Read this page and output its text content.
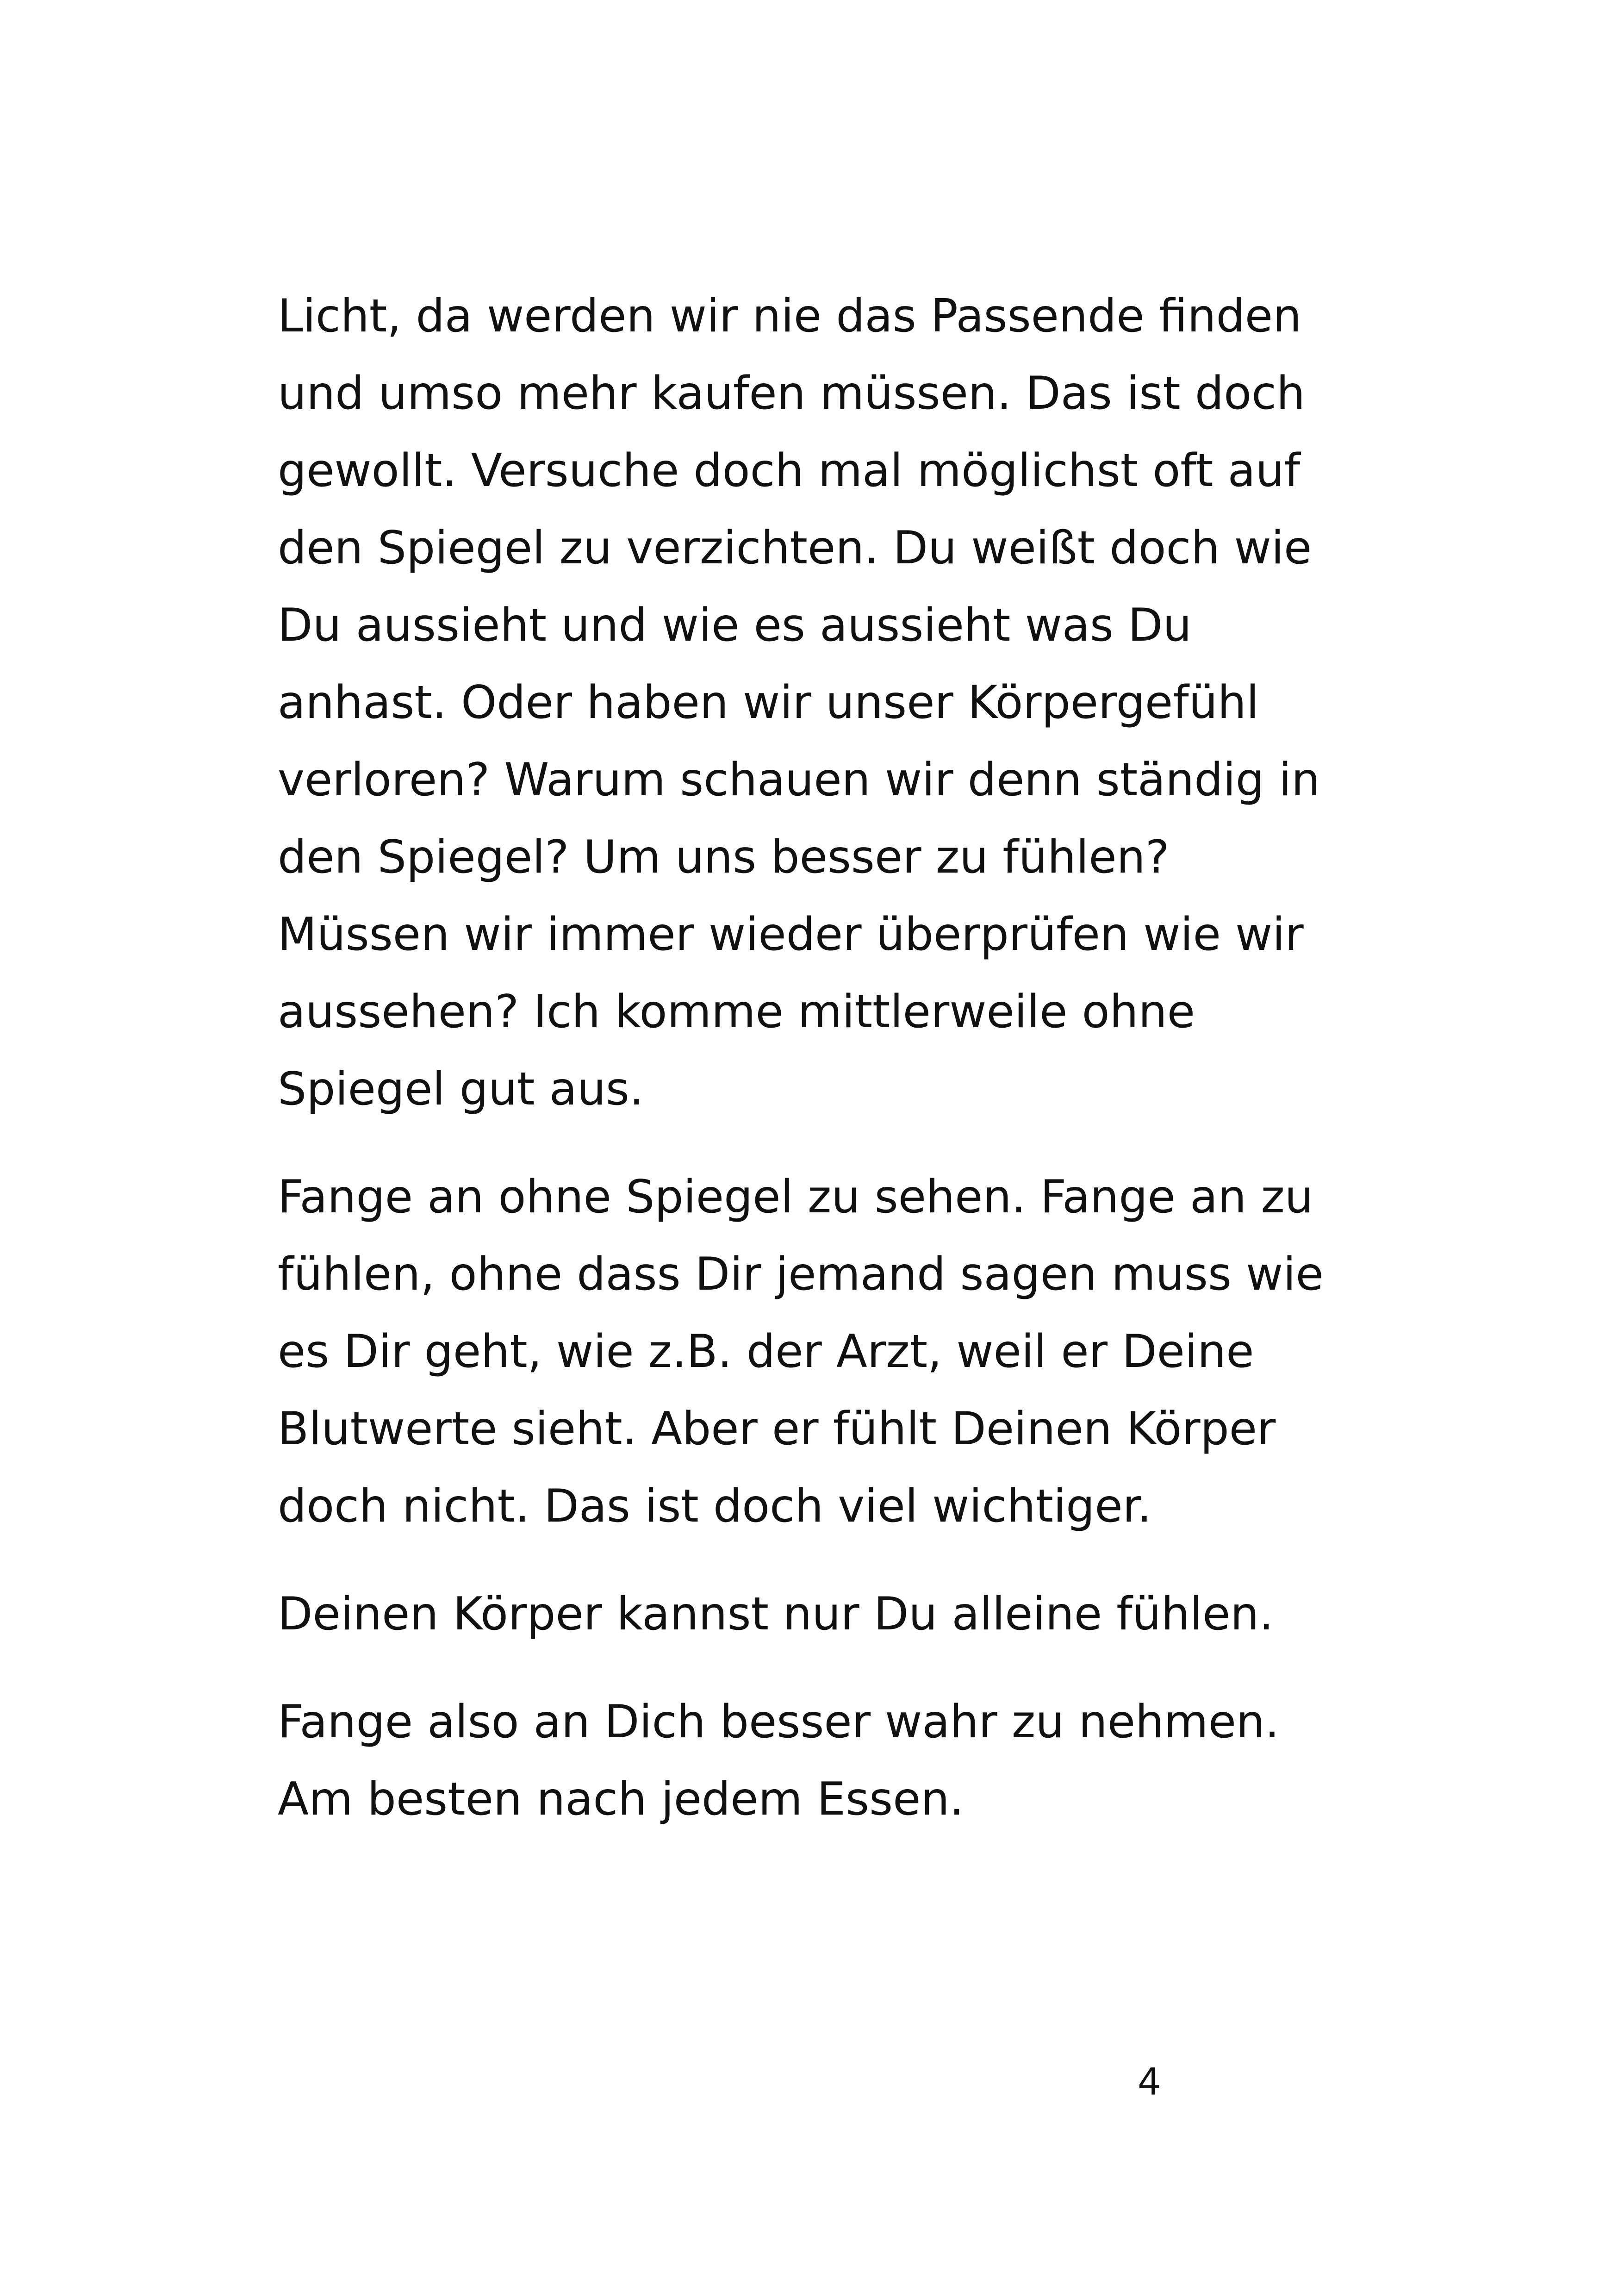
Licht, da werden wir nie das Passende finden
und umso mehr kaufen müssen. Das ist doch
gewollt. Versuche doch mal möglichst oft auf
den Spiegel zu verzichten. Du weißt doch wie
Du aussieht und wie es aussieht was Du
anhast. Oder haben wir unser Körpergefühl
verloren? Warum schauen wir denn ständig in
den Spiegel? Um uns besser zu fühlen?
Müssen wir immer wieder überprüfen wie wir
aussehen? Ich komme mittlerweile ohne
Spiegel gut aus.
Fange an ohne Spiegel zu sehen. Fange an zu
fühlen, ohne dass Dir jemand sagen muss wie
es Dir geht, wie z.B. der Arzt, weil er Deine
Blutwerte sieht. Aber er fühlt Deinen Körper
doch nicht. Das ist doch viel wichtiger.
Deinen Körper kannst nur Du alleine fühlen.
Fange also an Dich besser wahr zu nehmen.
Am besten nach jedem Essen.
4
